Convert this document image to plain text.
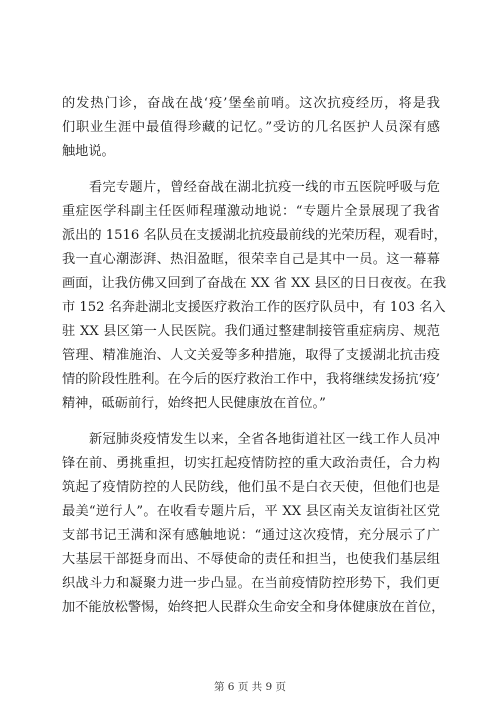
的发热门诊，奋战在战‘疫’堡垒前哨。这次抗疫经历，将是我
们职业生涯中最值得珍藏的记忆。”受访的几名医护人员深有感
触地说。
看完专题片，曾经奋战在湖北抗疫一线的市五医院呼吸与危
重症医学科副主任医师程瑾激动地说：“专题片全景展现了我省
派出的 1516 名队员在支援湖北抗疫最前线的光荣历程，观看时，
我一直心潮澎湃、热泪盈眶，很荣幸自己是其中一员。这一幕幕
画面，让我仿佛又回到了奋战在 XX 省 XX 县区的日日夜夜。在我
市 152 名奔赴湖北支援医疗救治工作的医疗队员中，有 103 名入
驻 XX 县区第一人民医院。我们通过整建制接管重症病房、规范
管理、精准施治、人文关爱等多种措施，取得了支援湖北抗击疫
情的阶段性胜利。在今后的医疗救治工作中，我将继续发扬抗‘疫’
精神，砥砺前行，始终把人民健康放在首位。”
新冠肺炎疫情发生以来，全省各地街道社区一线工作人员冲
锋在前、勇挑重担，切实扛起疫情防控的重大政治责任，合力构
筑起了疫情防控的人民防线，他们虽不是白衣天使，但他们也是
最美“逆行人”。在收看专题片后，平 XX 县区南关友谊街社区党
支部书记王满和深有感触地说：“通过这次疫情，充分展示了广
大基层干部挺身而出、不辱使命的责任和担当，也使我们基层组
织战斗力和凝聚力进一步凸显。在当前疫情防控形势下，我们更
加不能放松警惕，始终把人民群众生命安全和身体健康放在首位，
第 6 页 共 9 页
